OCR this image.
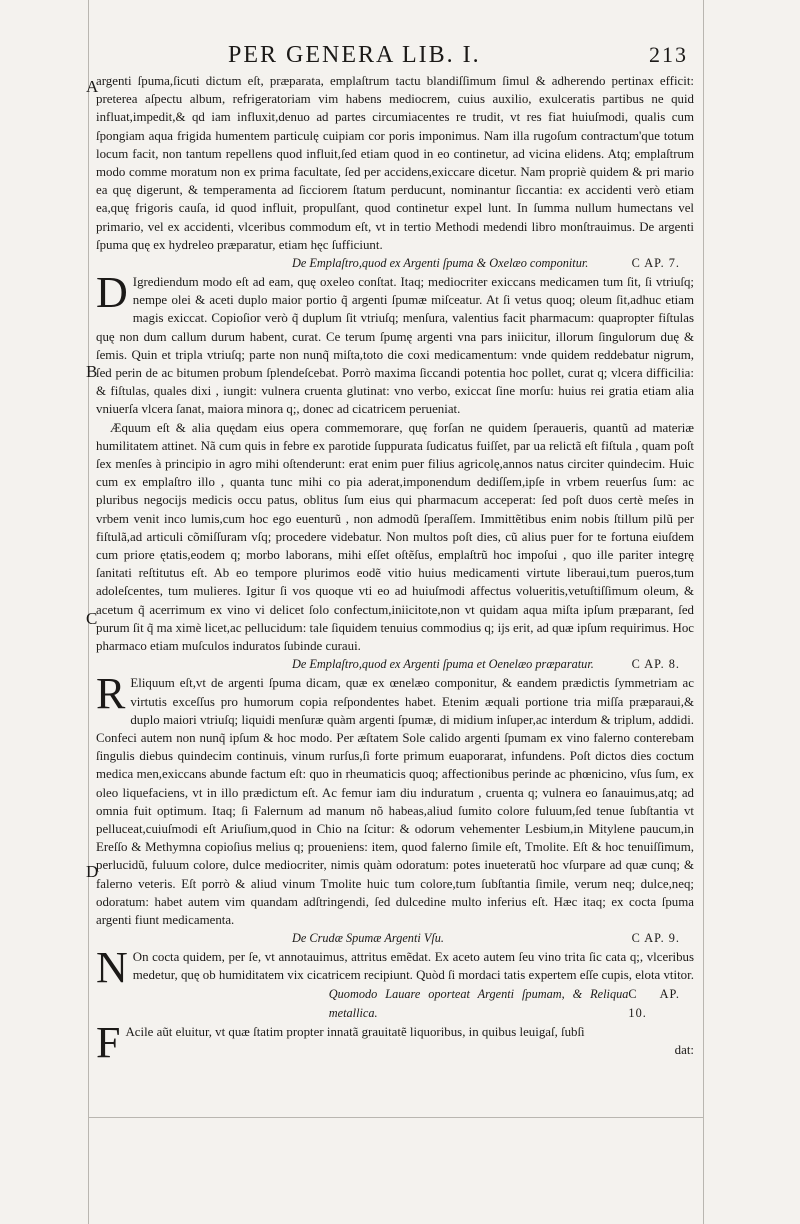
PER GENERA LIB. I.	213
A
B
C
D

argenti ſpuma,ſicuti dictum eſt, præparata, emplaſtrum tactu blandiſſimum ſimul & adherendo pertinax efficit: preterea aſpectu album, refrigeratoriam vim habens mediocrem, cuius auxilio, exulceratis partibus ne quid influat,impedit,& qd iam influxit,denuo ad partes circumiacentes re trudit, vt res fiat huiuſmodi, qualis cum ſpongiam aqua frigida humentem particulę cuipiam cor poris imponimus. Nam illa rugoſum contractum'que totum locum facit, non tantum repellens quod influit,ſed etiam quod in eo continetur, ad vicina elidens. Atq; emplaſtrum modo comme moratum non ex prima facultate, ſed per accidens,exiccare dicetur. Nam propriè quidem & pri mario ea quę digerunt, & temperamenta ad ſicciorem ſtatum perducunt, nominantur ſiccantia: ex accidenti verò etiam ea,quę frigoris cauſa, id quod influit, propulſant, quod continetur expel lunt. In ſumma nullum humectans vel primario, vel ex accidenti, vlceribus commodum eſt, vt in tertio Methodi medendi libro monſtrauimus. De argenti ſpuma quę ex hydreleo præparatur, etiam hęc ſufficiunt.

De Emplaſtro,quod ex Argenti ſpuma & Oxelæo componitur.	C AP. 7.

D Igrediendum modo eſt ad eam, quę oxeleo conſtat. Itaq; mediocriter exiccans medicamen tum ſit, ſi vtriuſq; nempe olei & aceti duplo maior portio q̃ argenti ſpumæ miſceatur. At ſi vetus quoq; oleum ſit,adhuc etiam magis exiccat. Copioſior verò q̃ duplum ſit vtriuſq; menſura, valentius facit pharmacum: quapropter fiſtulas quę non dum callum durum habent, curat. Ce terum ſpumę argenti vna pars iniicitur, illorum ſingulorum duę & ſemis. Quin et tripla vtriuſq; parte non nunq̃ miſta,toto die coxi medicamentum: vnde quidem reddebatur nigrum, ſed perin de ac bitumen probum ſplendeſcebat. Porrò maxima ſiccandi potentia hoc pollet, curat q; vlcera difficilia: & fiſtulas, quales dixi , iungit: vulnera cruenta glutinat: vno verbo, exiccat ſine morſu: huius rei gratia etiam alia vniuerſa vlcera ſanat, maiora minora q;, donec ad cicatricem perueniat.

Æquum eſt & alia quędam eius opera commemorare, quę forſan ne quidem ſperaueris, quantũ ad materiæ humilitatem attinet. Nã cum quis in febre ex parotide ſuppurata ſudicatus fuiſſet, par ua relictã eſt fiſtula , quam poſt ſex menſes à principio in agro mihi oſtenderunt: erat enim puer filius agricolę,annos natus circiter quindecim. Huic cum ex emplaſtro illo , quanta tunc mihi co pia aderat,imponendum dediſſem,ipſe in vrbem reuerſus ſum: ac pluribus negocijs medicis occu patus, oblitus ſum eius qui pharmacum acceperat: ſed poſt duos certè meſes in vrbem venit inco lumis,cum hoc ego euenturũ , non admodũ ſperaſſem. Immittẽtibus enim nobis ſtillum pilũ per fiſtulã,ad articuli cõmiſſuram vſq; procedere videbatur. Non multos poſt dies, cũ alius puer for te fortuna eiuſdem cum priore ętatis,eodem q; morbo laborans, mihi eſſet oſtẽſus, emplaſtrũ hoc impoſui , quo ille pariter integrę ſanitati reſtitutus eſt. Ab eo tempore plurimos eodẽ vitio huius medicamenti virtute liberaui,tum pueros,tum adoleſcentes, tum mulieres. Igitur ſi vos quoque vti eo ad huiuſmodi affectus volueritis,vetuſtiſſimum oleum, & acetum q̃ acerrimum ex vino vi delicet ſolo confectum,iniicitote,non vt quidam aqua miſta ipſum præparant, ſed purum ſit q̃ ma ximè licet,ac pellucidum: tale ſiquidem tenuius commodius q; ijs erit, ad quæ ipſum requirimus. Hoc pharmaco etiam muſculos induratos ſubinde curaui.

De Emplaſtro,quod ex Argenti ſpuma et Oenelæo præparatur.	C AP. 8.

R Eliquum eſt,vt de argenti ſpuma dicam, quæ ex œnelæo componitur, & eandem prædictis ſymmetriam ac virtutis exceſſus pro humorum copia reſpondentes habet. Etenim æquali portione tria miſſa præparaui,& duplo maiori vtriuſq; liquidi menſuræ quàm argenti ſpumæ, di midium inſuper,ac interdum & triplum, addidi. Confeci autem non nunq̃ ipſum & hoc modo. Per æſtatem Sole calido argenti ſpumam ex vino falerno conterebam ſingulis diebus quindecim continuis, vinum rurſus,ſi forte primum euaporarat, infundens. Poſt dictos dies coctum medica men,exiccans abunde factum eſt: quo in rheumaticis quoq; affectionibus perinde ac phœnicino, vſus ſum, ex oleo liquefaciens, vt in illo prædictum eſt. Ac femur iam diu induratum , cruenta q; vulnera eo ſanauimus,atq; ad omnia fuit optimum. Itaq; ſi Falernum ad manum nõ habeas,aliud ſumito colore fuluum,ſed tenue ſubſtantia vt pelluceat,cuiuſmodi eſt Ariuſium,quod in Chio na ſcitur: & odorum vehementer Lesbium,in Mitylene paucum,in Ereſſo & Methymna copioſius melius q; proueniens: item, quod falerno ſimile eſt, Tmolite. Eſt & hoc tenuiſſimum, perlucidũ, fuluum colore, dulce mediocriter, nimis quàm odoratum: potes inueteratũ hoc vſurpare ad quæ cunq; & falerno veteris. Eſt porrò & aliud vinum Tmolite huic tum colore,tum ſubſtantia ſimile, verum neq; dulce,neq; odoratum: habet autem vim quandam adſtringendi, ſed dulcedine multo inferius eſt. Hæc itaq; ex cocta ſpuma argenti fiunt medicamenta.

De Crudæ Spumæ Argenti Vſu.	C AP. 9.

N On cocta quidem, per ſe, vt annotauimus, attritus emẽdat. Ex aceto autem ſeu vino trita ſic cata q;, vlceribus medetur, quę ob humiditatem vix cicatricem recipiunt. Quòd ſi mordaci tatis expertem eſſe cupis, elota vtitor.

Quomodo Lauare oporteat Argenti ſpumam, & Reliqua metallica.
C AP. 10.

F Acile aũt eluitur, vt quæ ſtatim propter innatã grauitatẽ liquoribus, in quibus leuigaſ, ſubſi

dat:
